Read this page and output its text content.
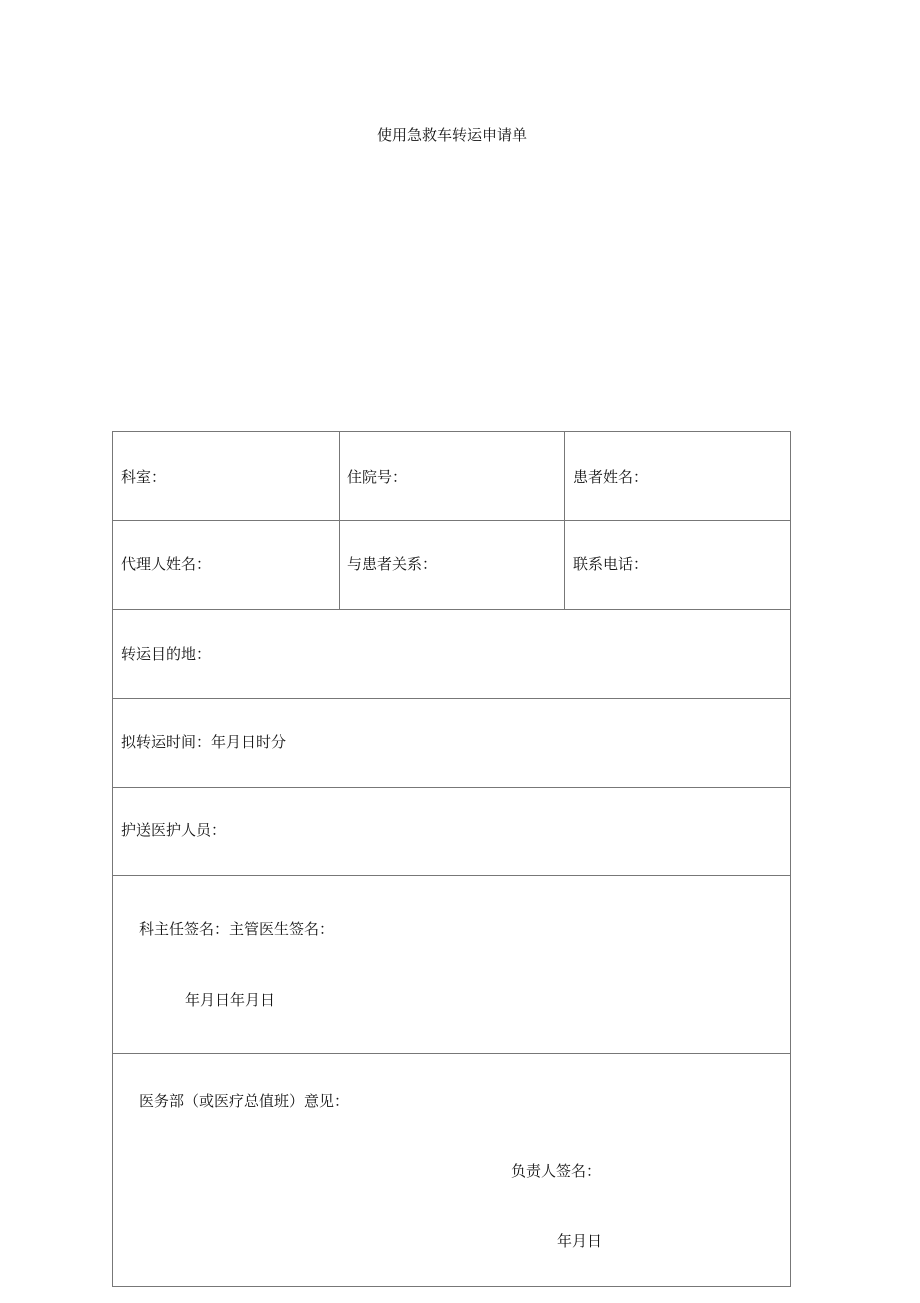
使用急救车转运申请单
科室：	住院号：	患者姓名：
代理人姓名：	与患者关系：	联系电话：
转运目的地：
拟转运时间：年月日时分
护送医护人员：
科主任签名：主管医生签名：
年月日年月日
医务部（或医疗总值班）意见：
负责人签名：
年月日
